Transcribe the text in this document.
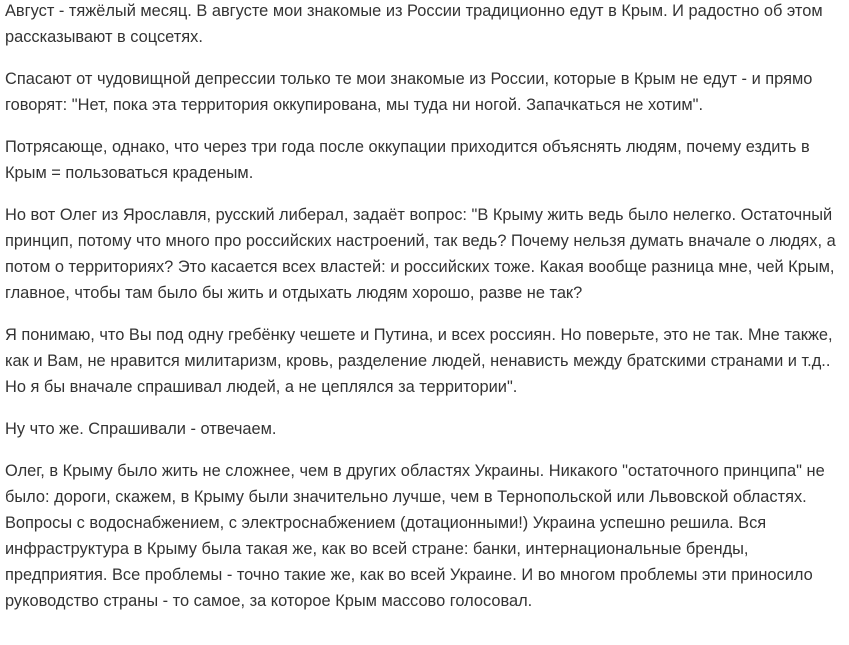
Август - тяжёлый месяц. В августе мои знакомые из России традиционно едут в Крым. И радостно об этом рассказывают в соцсетях.

Спасают от чудовищной депрессии только те мои знакомые из России, которые в Крым не едут - и прямо говорят: "Нет, пока эта территория оккупирована, мы туда ни ногой. Запачкаться не хотим".

Потрясающе, однако, что через три года после оккупации приходится объяснять людям, почему ездить в Крым = пользоваться краденым.

Но вот Олег из Ярославля, русский либерал, задаёт вопрос: "В Крыму жить ведь было нелегко. Остаточный принцип, потому что много про российских настроений, так ведь? Почему нельзя думать вначале о людях, а потом о территориях? Это касается всех властей: и российских тоже. Какая вообще разница мне, чей Крым, главное, чтобы там было бы жить и отдыхать людям хорошо, разве не так?

Я понимаю, что Вы под одну гребёнку чешете и Путина, и всех россиян. Но поверьте, это не так. Мне также, как и Вам, не нравится милитаризм, кровь, разделение людей, ненависть между братскими странами и т.д.. Но я бы вначале спрашивал людей, а не цеплялся за территории".

Ну что же. Спрашивали - отвечаем.

Олег, в Крыму было жить не сложнее, чем в других областях Украины. Никакого "остаточного принципа" не было: дороги, скажем, в Крыму были значительно лучше, чем в Тернопольской или Львовской областях. Вопросы с водоснабжением, с электроснабжением (дотационными!) Украина успешно решила. Вся инфраструктура в Крыму была такая же, как во всей стране: банки, интернациональные бренды, предприятия. Все проблемы - точно такие же, как во всей Украине. И во многом проблемы эти приносило руководство страны - то самое, за которое Крым массово голосовал.
